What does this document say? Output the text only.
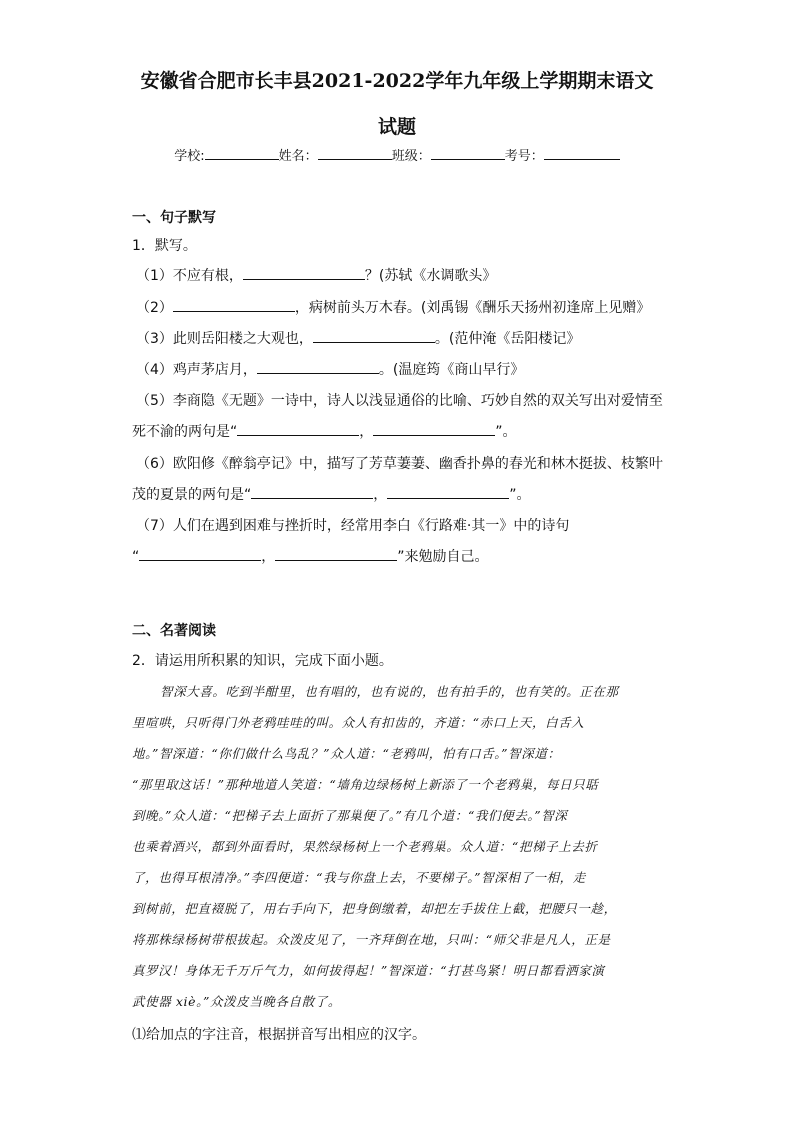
安徽省合肥市长丰县2021-2022学年九年级上学期期末语文
试题
学校:	姓名：	班级：	考号：
一、句子默写
1．默写。
（1）不应有根，	？(苏轼《水调歌头》
（2）	，病树前头万木春。(刘禹锡《酬乐天扬州初逢席上见赠》
（3）此则岳阳楼之大观也，	。(范仲淹《岳阳楼记》
（4）鸡声茅店月，	。(温庭筠《商山早行》
（5）李商隐《无题》一诗中，诗人以浅显通俗的比喻、巧妙自然的双关写出对爱情至
死不渝的两句是“	，	”。
（6）欧阳修《醉翁亭记》中，描写了芳草萋萋、幽香扑鼻的春光和林木挺拔、枝繁叶
茂的夏景的两句是“	，	”。
（7）人们在遇到困难与挫折时，经常用李白《行路难·其一》中的诗句
“	，	”来勉励自己。
二、名著阅读
2．请运用所积累的知识，完成下面小题。
智深大喜。吃到半酣里，也有唱的，也有说的，也有拍手的，也有笑的。正在那
里喧哄，只听得门外老鸦哇哇的叫。众人有扣齿的，齐道：“赤口上天，白舌入
地。”智深道：“你们做什么鸟乱？”众人道：“老鸦叫，怕有口舌。”智深道：
“那里取这话！”那种地道人笑道：“墙角边绿杨树上新添了一个老鸦巢，每日只聒
到晚。”众人道：“把梯子去上面折了那巢便了。”有几个道：“我们便去。”智深
也乘着酒兴，都到外面看时，果然绿杨树上一个老鸦巢。众人道：“把梯子上去折
了，也得耳根清净。”李四便道：“我与你盘上去，不要梯子。”智深相了一相，走
到树前，把直裰脱了，用右手向下，把身倒缴着，却把左手拔住上截，把腰只一趁，
将那株绿杨树带根拔起。众泼皮见了，一齐拜倒在地，只叫：“师父非是凡人，正是
真罗汉！身体无千万斤气力，如何拔得起！”智深道：“打甚鸟紧！明日都看洒家演
武使器 xiè。”众泼皮当晚各自散了。
⑴给加点的字注音，根据拼音写出相应的汉字。
